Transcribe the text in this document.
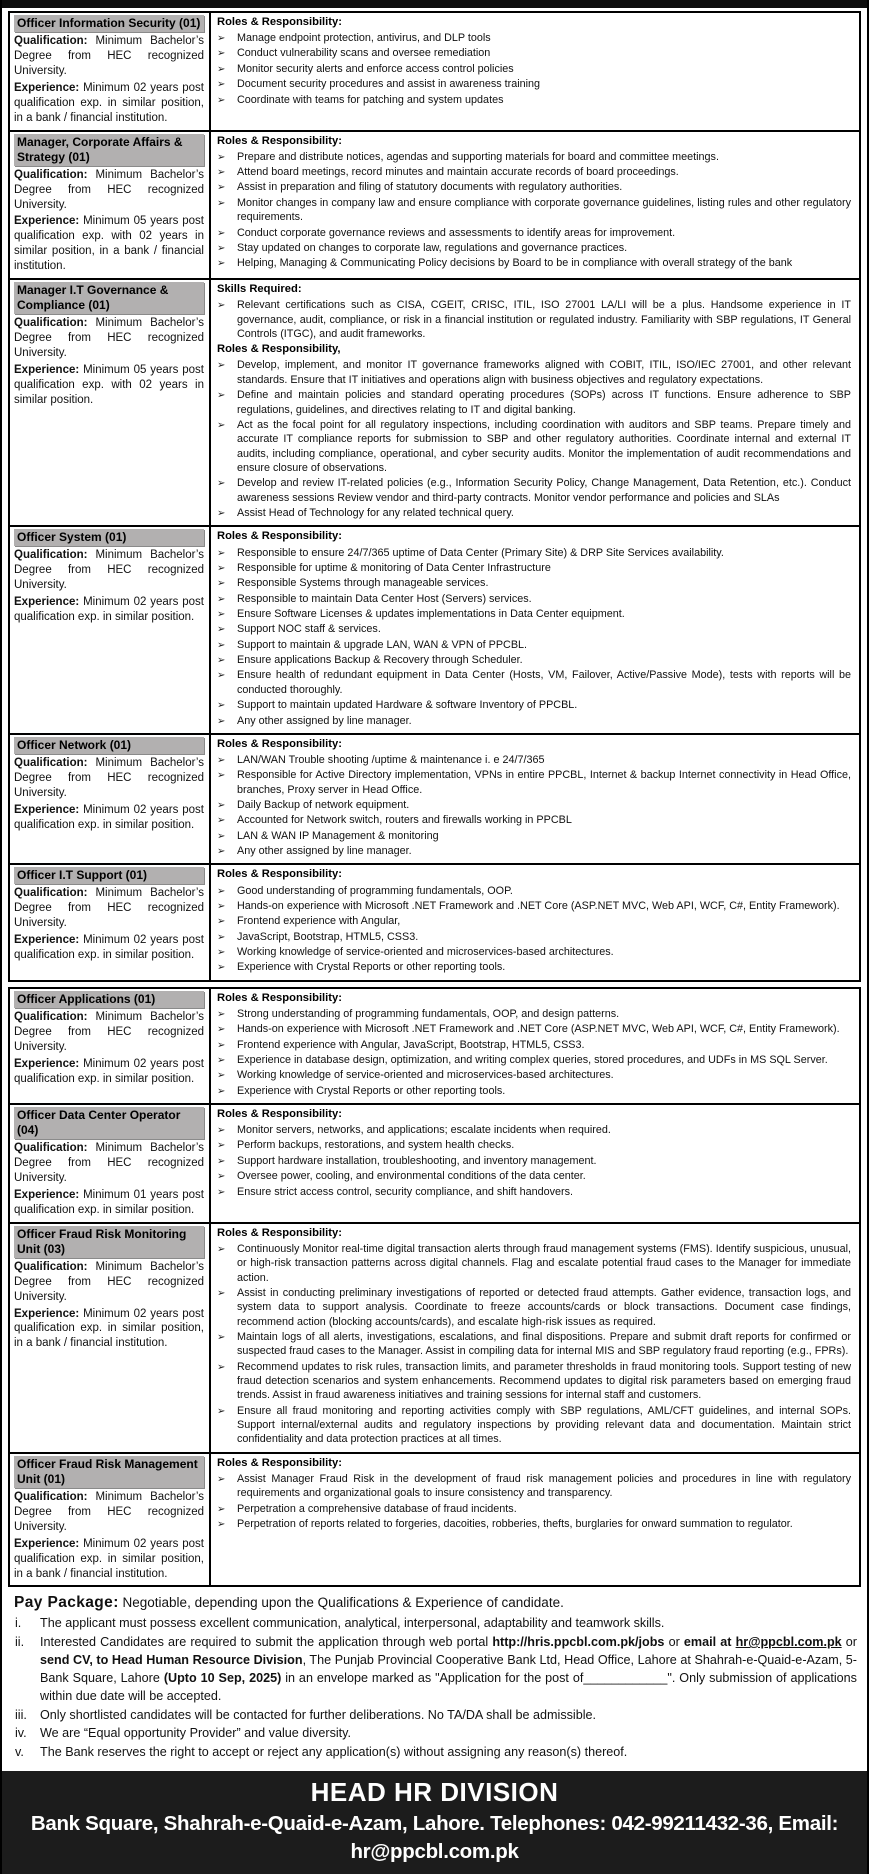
Officer Information Security (01)
Qualification: Minimum Bachelor’s Degree from HEC recognized University.
Experience: Minimum 02 years post qualification exp. in similar position, in a bank / financial institution.
Roles & Responsibility:
➢	Manage endpoint protection, antivirus, and DLP tools
➢	Conduct vulnerability scans and oversee remediation
➢	Monitor security alerts and enforce access control policies
➢	Document security procedures and assist in awareness training
➢	Coordinate with teams for patching and system updates
Manager, Corporate Affairs & Strategy (01)
Qualification: Minimum Bachelor’s Degree from HEC recognized University.
Experience: Minimum 05 years post qualification exp. with 02 years in similar position, in a bank / financial institution.
Roles & Responsibility:
➢	Prepare and distribute notices, agendas and supporting materials for board and committee meetings.
➢	Attend board meetings, record minutes and maintain accurate records of board proceedings.
➢	Assist in preparation and filing of statutory documents with regulatory authorities.
➢	Monitor changes in company law and ensure compliance with corporate governance guidelines, listing rules and other regulatory requirements.
➢	Conduct corporate governance reviews and assessments to identify areas for improvement.
➢	Stay updated on changes to corporate law, regulations and governance practices.
➢	Helping, Managing & Communicating Policy decisions by Board to be in compliance with overall strategy of the bank
Manager I.T Governance & Compliance (01)
Qualification: Minimum Bachelor’s Degree from HEC recognized University.
Experience: Minimum 05 years post qualification exp. with 02 years in similar position.
Skills Required:
➢	Relevant certifications such as CISA, CGEIT, CRISC, ITIL, ISO 27001 LA/LI will be a plus. Handsome experience in IT governance, audit, compliance, or risk in a financial institution or regulated industry. Familiarity with SBP regulations, IT General Controls (ITGC), and audit frameworks.
Roles & Responsibility,
➢	Develop, implement, and monitor IT governance frameworks aligned with COBIT, ITIL, ISO/IEC 27001, and other relevant standards. Ensure that IT initiatives and operations align with business objectives and regulatory expectations.
➢	Define and maintain policies and standard operating procedures (SOPs) across IT functions. Ensure adherence to SBP regulations, guidelines, and directives relating to IT and digital banking.
➢	Act as the focal point for all regulatory inspections, including coordination with auditors and SBP teams. Prepare timely and accurate IT compliance reports for submission to SBP and other regulatory authorities. Coordinate internal and external IT audits, including compliance, operational, and cyber security audits. Monitor the implementation of audit recommendations and ensure closure of observations.
➢	Develop and review IT-related policies (e.g., Information Security Policy, Change Management, Data Retention, etc.). Conduct awareness sessions Review vendor and third-party contracts. Monitor vendor performance and policies and SLAs
➢	Assist Head of Technology for any related technical query.
Officer System (01)
Qualification: Minimum Bachelor’s Degree from HEC recognized University.
Experience: Minimum 02 years post qualification exp. in similar position.
Roles & Responsibility:
➢	Responsible to ensure 24/7/365 uptime of Data Center (Primary Site) & DRP Site Services availability.
➢	Responsible for uptime & monitoring of Data Center Infrastructure
➢	Responsible Systems through manageable services.
➢	Responsible to maintain Data Center Host (Servers) services.
➢	Ensure Software Licenses & updates implementations in Data Center equipment.
➢	Support NOC staff & services.
➢	Support to maintain & upgrade LAN, WAN & VPN of PPCBL.
➢	Ensure applications Backup & Recovery through Scheduler.
➢	Ensure health of redundant equipment in Data Center (Hosts, VM, Failover, Active/Passive Mode), tests with reports will be conducted thoroughly.
➢	Support to maintain updated Hardware & software Inventory of PPCBL.
➢	Any other assigned by line manager.
Officer Network (01)
Qualification: Minimum Bachelor’s Degree from HEC recognized University.
Experience: Minimum 02 years post qualification exp. in similar position.
Roles & Responsibility:
➢	LAN/WAN Trouble shooting /uptime & maintenance i. e 24/7/365
➢	Responsible for Active Directory implementation, VPNs in entire PPCBL, Internet & backup Internet connectivity in Head Office, branches, Proxy server in Head Office.
➢	Daily Backup of network equipment.
➢	Accounted for Network switch, routers and firewalls working in PPCBL
➢	LAN & WAN IP Management & monitoring
➢	Any other assigned by line manager.
Officer I.T Support (01)
Qualification: Minimum Bachelor’s Degree from HEC recognized University.
Experience: Minimum 02 years post qualification exp. in similar position.
Roles & Responsibility:
➢	Good understanding of programming fundamentals, OOP.
➢	Hands-on experience with Microsoft .NET Framework and .NET Core (ASP.NET MVC, Web API, WCF, C#, Entity Framework).
➢	Frontend experience with Angular,
➢	JavaScript, Bootstrap, HTML5, CSS3.
➢	Working knowledge of service-oriented and microservices-based architectures.
➢	Experience with Crystal Reports or other reporting tools.
Officer Applications (01)
Qualification: Minimum Bachelor’s Degree from HEC recognized University.
Experience: Minimum 02 years post qualification exp. in similar position.
Roles & Responsibility:
➢	Strong understanding of programming fundamentals, OOP, and design patterns.
➢	Hands-on experience with Microsoft .NET Framework and .NET Core (ASP.NET MVC, Web API, WCF, C#, Entity Framework).
➢	Frontend experience with Angular, JavaScript, Bootstrap, HTML5, CSS3.
➢	Experience in database design, optimization, and writing complex queries, stored procedures, and UDFs in MS SQL Server.
➢	Working knowledge of service-oriented and microservices-based architectures.
➢	Experience with Crystal Reports or other reporting tools.
Officer Data Center Operator (04)
Qualification: Minimum Bachelor’s Degree from HEC recognized University.
Experience: Minimum 01 years post qualification exp. in similar position.
Roles & Responsibility:
➢	Monitor servers, networks, and applications; escalate incidents when required.
➢	Perform backups, restorations, and system health checks.
➢	Support hardware installation, troubleshooting, and inventory management.
➢	Oversee power, cooling, and environmental conditions of the data center.
➢	Ensure strict access control, security compliance, and shift handovers.
Officer Fraud Risk Monitoring Unit (03)
Qualification: Minimum Bachelor’s Degree from HEC recognized University.
Experience: Minimum 02 years post qualification exp. in similar position, in a bank / financial institution.
Roles & Responsibility:
➢	Continuously Monitor real-time digital transaction alerts through fraud management systems (FMS). Identify suspicious, unusual, or high-risk transaction patterns across digital channels. Flag and escalate potential fraud cases to the Manager for immediate action.
➢	Assist in conducting preliminary investigations of reported or detected fraud attempts. Gather evidence, transaction logs, and system data to support analysis. Coordinate to freeze accounts/cards or block transactions. Document case findings, recommend action (blocking accounts/cards), and escalate high-risk issues as required.
➢	Maintain logs of all alerts, investigations, escalations, and final dispositions. Prepare and submit draft reports for confirmed or suspected fraud cases to the Manager. Assist in compiling data for internal MIS and SBP regulatory fraud reporting (e.g., FPRs).
➢	Recommend updates to risk rules, transaction limits, and parameter thresholds in fraud monitoring tools. Support testing of new fraud detection scenarios and system enhancements. Recommend updates to digital risk parameters based on emerging fraud trends. Assist in fraud awareness initiatives and training sessions for internal staff and customers.
➢	Ensure all fraud monitoring and reporting activities comply with SBP regulations, AML/CFT guidelines, and internal SOPs. Support internal/external audits and regulatory inspections by providing relevant data and documentation. Maintain strict confidentiality and data protection practices at all times.
Officer Fraud Risk Management Unit (01)
Qualification: Minimum Bachelor’s Degree from HEC recognized University.
Experience: Minimum 02 years post qualification exp. in similar position, in a bank / financial institution.
Roles & Responsibility:
➢	Assist Manager Fraud Risk in the development of fraud risk management policies and procedures in line with regulatory requirements and organizational goals to insure consistency and transparency.
➢	Perpetration a comprehensive database of fraud incidents.
➢	Perpetration of reports related to forgeries, dacoities, robberies, thefts, burglaries for onward summation to regulator.
Pay Package: Negotiable, depending upon the Qualifications & Experience of candidate.
i.	The applicant must possess excellent communication, analytical, interpersonal, adaptability and teamwork skills.
ii.	Interested Candidates are required to submit the application through web portal http://hris.ppcbl.com.pk/jobs or email at hr@ppcbl.com.pk or send CV, to Head Human Resource Division, The Punjab Provincial Cooperative Bank Ltd, Head Office, Lahore at Shahrah-e-Quaid-e-Azam, 5-Bank Square, Lahore (Upto 10 Sep, 2025) in an envelope marked as "Application for the post of____________". Only submission of applications within due date will be accepted.
iii.	Only shortlisted candidates will be contacted for further deliberations. No TA/DA shall be admissible.
iv.	We are “Equal opportunity Provider” and value diversity.
v.	The Bank reserves the right to accept or reject any application(s) without assigning any reason(s) thereof.
HEAD HR DIVISION
Bank Square, Shahrah-e-Quaid-e-Azam, Lahore. Telephones: 042-99211432-36, Email: hr@ppcbl.com.pk
